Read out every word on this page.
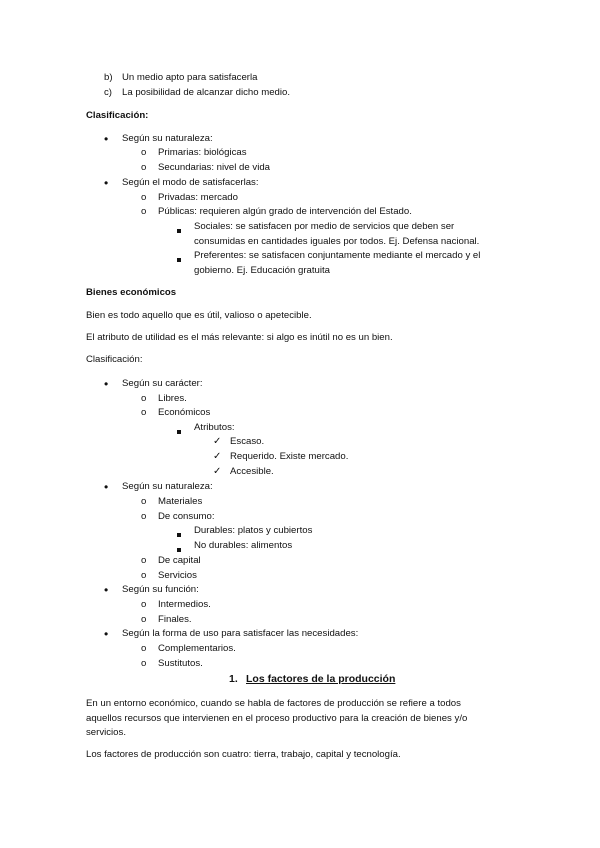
b) Un medio apto para satisfacerla
c) La posibilidad de alcanzar dicho medio.
Clasificación:
• Según su naturaleza:
o Primarias: biológicas
o Secundarias: nivel de vida
• Según el modo de satisfacerlas:
o Privadas: mercado
o Públicas: requieren algún grado de intervención del Estado.
Sociales: se satisfacen por medio de servicios que deben ser
consumidas en cantidades iguales por todos. Ej. Defensa nacional.
Preferentes: se satisfacen conjuntamente mediante el mercado y el
gobierno. Ej. Educación gratuita
Bienes económicos
Bien es todo aquello que es útil, valioso o apetecible.
El atributo de utilidad es el más relevante: si algo es inútil no es un bien.
Clasificación:
• Según su carácter:
o Libres.
o Económicos
Atributos:
✓ Escaso.
✓ Requerido. Existe mercado.
✓ Accesible.
• Según su naturaleza:
o Materiales
o De consumo:
Durables: platos y cubiertos
No durables: alimentos
o De capital
o Servicios
• Según su función:
o Intermedios.
o Finales.
• Según la forma de uso para satisfacer las necesidades:
o Complementarios.
o Sustitutos.
1. Los factores de la producción
En un entorno económico, cuando se habla de factores de producción se refiere a todos
aquellos recursos que intervienen en el proceso productivo para la creación de bienes y/o
servicios.
Los factores de producción son cuatro: tierra, trabajo, capital y tecnología.
